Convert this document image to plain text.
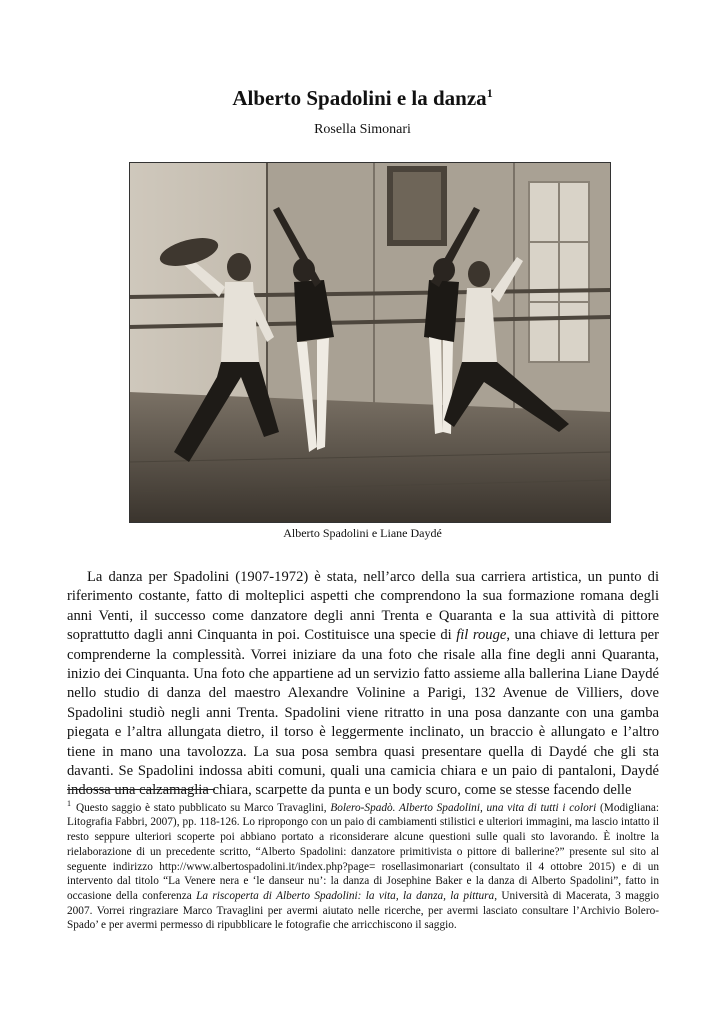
Alberto Spadolini e la danza$^1$

Rosella Simonari

Alberto Spadolini e Liane Daydé

La danza per Spadolini (1907-1972) è stata, nell’arco della sua carriera artistica, un punto di riferimento costante, fatto di molteplici aspetti che comprendono la sua formazione romana degli anni Venti, il successo come danzatore degli anni Trenta e Quaranta e la sua attività di pittore soprattutto dagli anni Cinquanta in poi. Costituisce una specie di fil rouge, una chiave di lettura per comprenderne la complessità. Vorrei iniziare da una foto che risale alla fine degli anni Quaranta, inizio dei Cinquanta. Una foto che appartiene ad un servizio fatto assieme alla ballerina Liane Daydé nello studio di danza del maestro Alexandre Volinine a Parigi, 132 Avenue de Villiers, dove Spadolini studiò negli anni Trenta. Spadolini viene ritratto in una posa danzante con una gamba piegata e l’altra allungata dietro, il torso è leggermente inclinato, un braccio è allungato e l’altro tiene in mano una tavolozza. La sua posa sembra quasi presentare quella di Daydé che gli sta davanti. Se Spadolini indossa abiti comuni, quali una camicia chiara e un paio di pantaloni, Daydé indossa una calzamaglia chiara, scarpette da punta e un body scuro, come se stesse facendo delle

$^1$ Questo saggio è stato pubblicato su Marco Travaglini, Bolero-Spadò. Alberto Spadolini, una vita di tutti i colori (Modigliana: Litografia Fabbri, 2007), pp. 118-126. Lo ripropongo con un paio di cambiamenti stilistici e ulteriori immagini, ma lascio intatto il resto seppure ulteriori scoperte poi abbiano portato a riconsiderare alcune questioni sulle quali sto lavorando. È inoltre la rielaborazione di un precedente scritto, “Alberto Spadolini: danzatore primitivista o pittore di ballerine?” presente sul sito al seguente indirizzo http://www.albertospadolini.it/index.php?page= rosellasimonariart (consultato il 4 ottobre 2015) e di un intervento dal titolo “La Venere nera e ‘le danseur nu’: la danza di Josephine Baker e la danza di Alberto Spadolini”, fatto in occasione della conferenza La riscoperta di Alberto Spadolini: la vita, la danza, la pittura, Università di Macerata, 3 maggio 2007. Vorrei ringraziare Marco Travaglini per avermi aiutato nelle ricerche, per avermi lasciato consultare l’Archivio Bolero-Spado’ e per avermi permesso di ripubblicare le fotografie che arricchiscono il saggio.
